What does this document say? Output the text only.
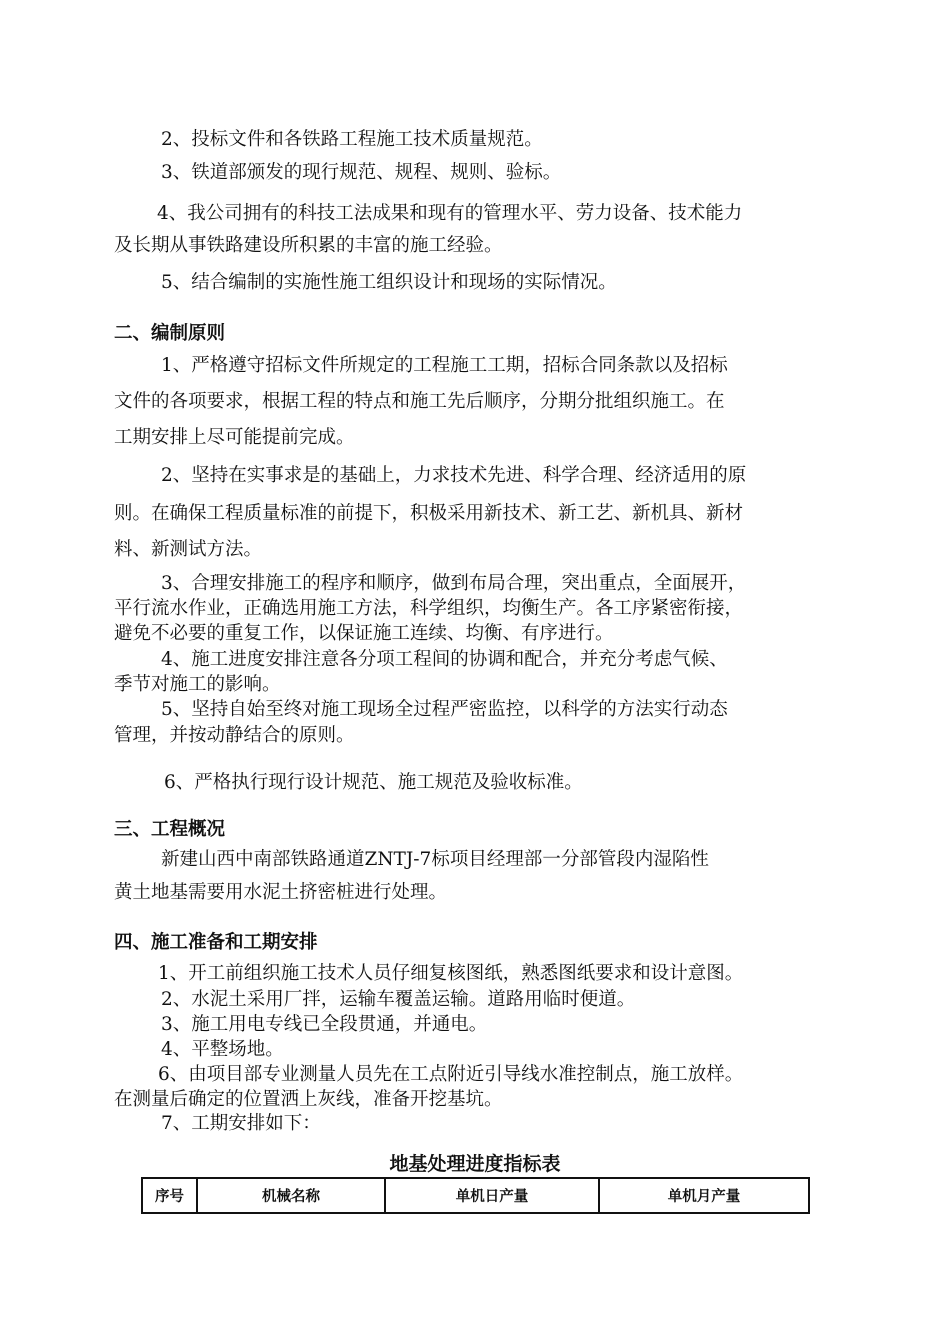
2、投标文件和各铁路工程施工技术质量规范。
3、铁道部颁发的现行规范、规程、规则、验标。
4、我公司拥有的科技工法成果和现有的管理水平、劳力设备、技术能力
及长期从事铁路建设所积累的丰富的施工经验。
5、结合编制的实施性施工组织设计和现场的实际情况。
二、编制原则
1、严格遵守招标文件所规定的工程施工工期，招标合同条款以及招标
文件的各项要求，根据工程的特点和施工先后顺序，分期分批组织施工。在
工期安排上尽可能提前完成。
2、坚持在实事求是的基础上，力求技术先进、科学合理、经济适用的原
则。在确保工程质量标准的前提下，积极采用新技术、新工艺、新机具、新材
料、新测试方法。
3、合理安排施工的程序和顺序，做到布局合理，突出重点，全面展开，
平行流水作业，正确选用施工方法，科学组织，均衡生产。各工序紧密衔接，
避免不必要的重复工作，以保证施工连续、均衡、有序进行。
4、施工进度安排注意各分项工程间的协调和配合，并充分考虑气候、
季节对施工的影响。
5、坚持自始至终对施工现场全过程严密监控，以科学的方法实行动态
管理，并按动静结合的原则。
6、严格执行现行设计规范、施工规范及验收标准。
三、工程概况
新建山西中南部铁路通道ZNTJ-7标项目经理部一分部管段内湿陷性
黄土地基需要用水泥土挤密桩进行处理。
四、施工准备和工期安排
1、开工前组织施工技术人员仔细复核图纸，熟悉图纸要求和设计意图。
2、水泥土采用厂拌，运输车覆盖运输。道路用临时便道。
3、施工用电专线已全段贯通，并通电。
4、平整场地。
6、由项目部专业测量人员先在工点附近引导线水准控制点，施工放样。
在测量后确定的位置洒上灰线，准备开挖基坑。
7、工期安排如下：
地基处理进度指标表
序号	机械名称	单机日产量	单机月产量
